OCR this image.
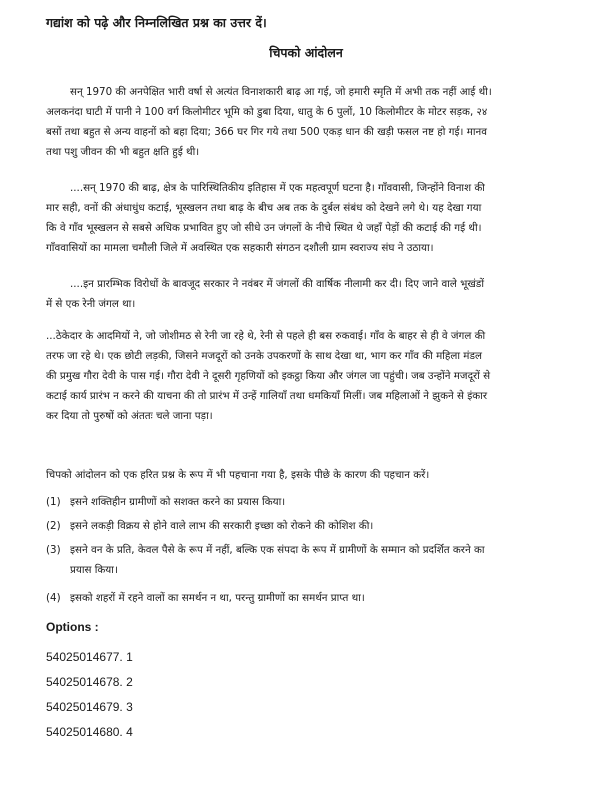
गद्यांश को पढ़े और निम्नलिखित प्रश्न का उत्तर दें।
चिपको आंदोलन
सन् 1970 की अनपेक्षित भारी वर्षा से अत्यंत विनाशकारी बाढ़ आ गई, जो हमारी स्मृति में अभी तक नहीं आई थी।
अलकनंदा घाटी में पानी ने 100 वर्ग किलोमीटर भूमि को डुबा दिया, धातु के 6 पुलों, 10 किलोमीटर के मोटर सड़क, २४
बसों तथा बहुत से अन्य वाहनों को बहा दिया; 366 घर गिर गये तथा 500 एकड़ धान की खड़ी फसल नष्ट हो गई। मानव
तथा पशु जीवन की भी बहुत क्षति हुई थी।
....सन् 1970 की बाढ़, क्षेत्र के पारिस्थितिकीय इतिहास में एक महत्वपूर्ण घटना है। गाँववासी, जिन्होंने विनाश की
मार सही, वनों की अंधाधुंध कटाई, भूस्खलन तथा बाढ़ के बीच अब तक के दुर्बल संबंध को देखने लगे थे। यह देखा गया
कि वे गाँव भूस्खलन से सबसे अधिक प्रभावित हुए जो सीधे उन जंगलों के नीचे स्थित थे जहाँ पेड़ों की कटाई की गई थी।
गाँववासियों का मामला चमौली जिले में अवस्थित एक सहकारी संगठन दशौली ग्राम स्वराज्य संघ ने उठाया।
....इन प्रारम्भिक विरोधों के बावजूद सरकार ने नवंबर में जंगलों की वार्षिक नीलामी कर दी। दिए जाने वाले भूखंडों
में से एक रेनी जंगल था।
...ठेकेदार के आदमियों ने, जो जोशीमठ से रेनी जा रहे थे, रेनी से पहले ही बस रुकवाई। गाँव के बाहर से ही वे जंगल की
तरफ जा रहे थे। एक छोटी लड़की, जिसने मजदूरों को उनके उपकरणों के साथ देखा था, भाग कर गाँव की महिला मंडल
की प्रमुख गौरा देवी के पास गई। गौरा देवी ने दूसरी गृहणियों को इकट्ठा किया और जंगल जा पहुंची। जब उन्होंने मजदूरों से
कटाई कार्य प्रारंभ न करने की याचना की तो प्रारंभ में उन्हें गालियाँ तथा धमकियाँ मिलीं। जब महिलाओं ने झुकने से इंकार
कर दिया तो पुरुषों को अंततः चले जाना पड़ा।
चिपको आंदोलन को एक हरित प्रश्न के रूप में भी पहचाना गया है, इसके पीछे के कारण की पहचान करें।
(1) इसने शक्तिहीन ग्रामीणों को सशक्त करने का प्रयास किया।
(2) इसने लकड़ी विक्रय से होने वाले लाभ की सरकारी इच्छा को रोकने की कोशिश की।
(3) इसने वन के प्रति, केवल पैसे के रूप में नहीं, बल्कि एक संपदा के रूप में ग्रामीणों के सम्मान को प्रदर्शित करने का
प्रयास किया।
(4) इसको शहरों में रहने वालों का समर्थन न था, परन्तु ग्रामीणों का समर्थन प्राप्त था।
Options :
54025014677. 1
54025014678. 2
54025014679. 3
54025014680. 4
